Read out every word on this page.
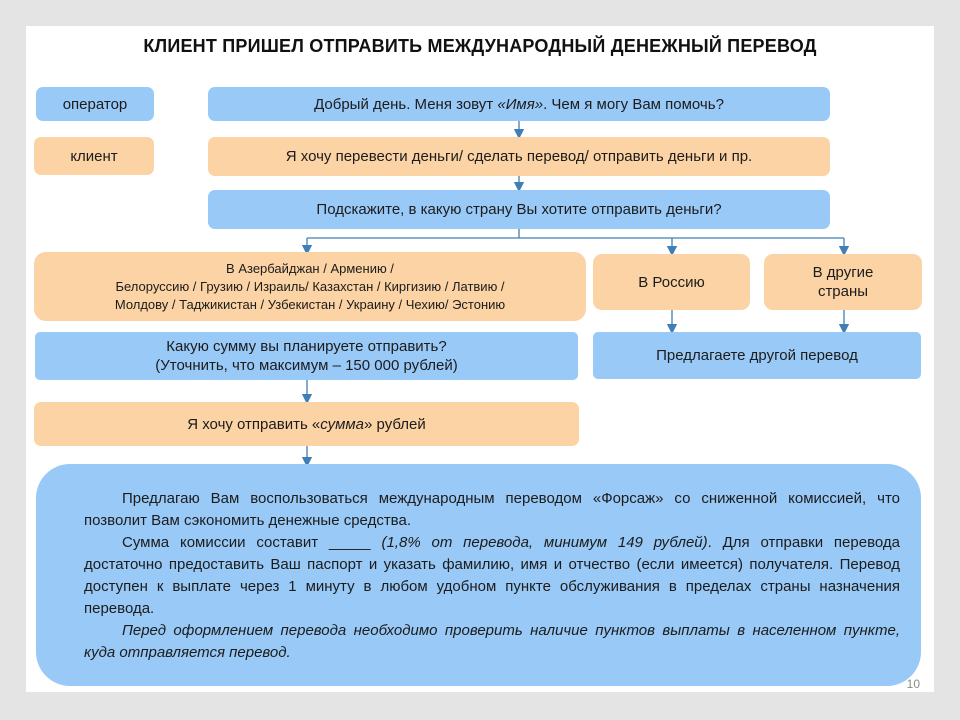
КЛИЕНТ ПРИШЕЛ ОТПРАВИТЬ МЕЖДУНАРОДНЫЙ ДЕНЕЖНЫЙ ПЕРЕВОД
оператор
клиент
Добрый день. Меня зовут «Имя». Чем я могу Вам помочь?
Я хочу перевести деньги/ сделать перевод/ отправить деньги и пр.
Подскажите, в какую страну Вы хотите отправить деньги?
В Азербайджан / Армению /
Белоруссию / Грузию / Израиль/ Казахстан / Киргизию / Латвию /
Молдову / Таджикистан / Узбекистан / Украину / Чехию/ Эстонию
В Россию
В другие
страны
Какую сумму вы планируете отправить?
(Уточнить, что максимум – 150 000 рублей)
Предлагаете другой перевод
Я хочу отправить «сумма» рублей

Предлагаю Вам воспользоваться международным переводом «Форсаж» со сниженной комиссией, что позволит Вам сэкономить денежные средства.

Сумма комиссии составит _____ (1,8% от перевода, минимум 149 рублей). Для отправки перевода достаточно предоставить Ваш паспорт и указать фамилию, имя и отчество (если имеется) получателя. Перевод доступен к выплате через 1 минуту в любом удобном пункте обслуживания в пределах страны назначения перевода.

Перед оформлением перевода необходимо проверить наличие пунктов выплаты в населенном пункте, куда отправляется перевод.

10
